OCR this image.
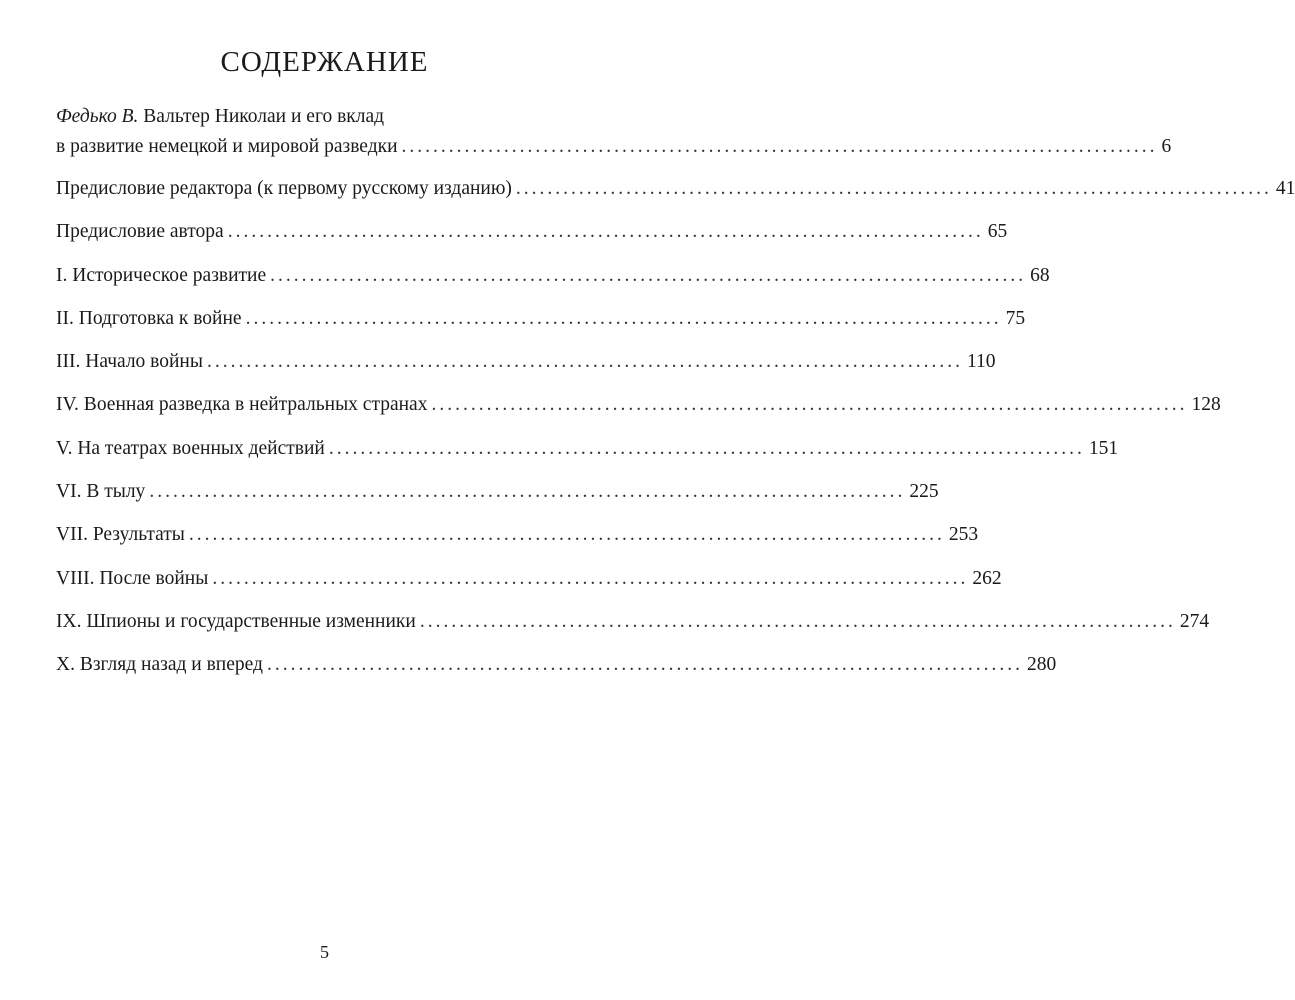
СОДЕРЖАНИЕ
Федько В. Вальтер Николаи и его вклад
в развитие немецкой и мировой разведки ................................................................................................ 6
Предисловие редактора (к первому русскому изданию) ................................................................................................ 41
Предисловие автора ................................................................................................ 65
I. Историческое развитие ................................................................................................ 68
II. Подготовка к войне ................................................................................................ 75
III. Начало войны ................................................................................................ 110
IV. Военная разведка в нейтральных странах ................................................................................................ 128
V. На театрах военных действий ................................................................................................ 151
VI. В тылу ................................................................................................ 225
VII. Результаты ................................................................................................ 253
VIII. После войны ................................................................................................ 262
IX. Шпионы и государственные изменники ................................................................................................ 274
X. Взгляд назад и вперед ................................................................................................ 280
5
